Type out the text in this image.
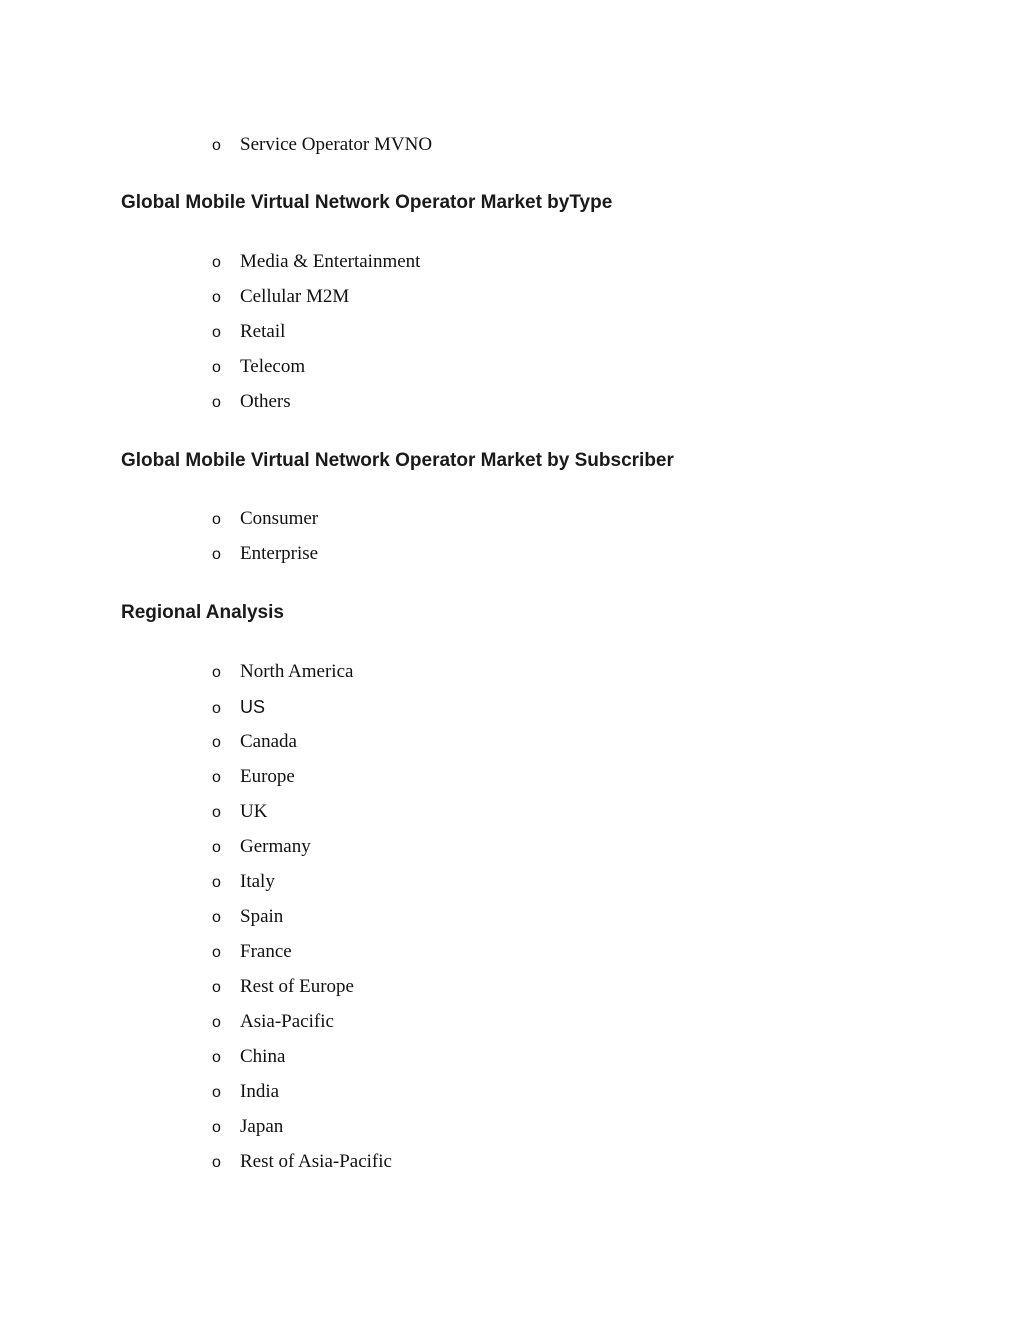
o Service Operator MVNO
Global Mobile Virtual Network Operator Market byType
o Media & Entertainment
o Cellular M2M
o Retail
o Telecom
o Others
Global Mobile Virtual Network Operator Market by Subscriber
o Consumer
o Enterprise
Regional Analysis
o North America
o US
o Canada
o Europe
o UK
o Germany
o Italy
o Spain
o France
o Rest of Europe
o Asia-Pacific
o China
o India
o Japan
o Rest of Asia-Pacific
